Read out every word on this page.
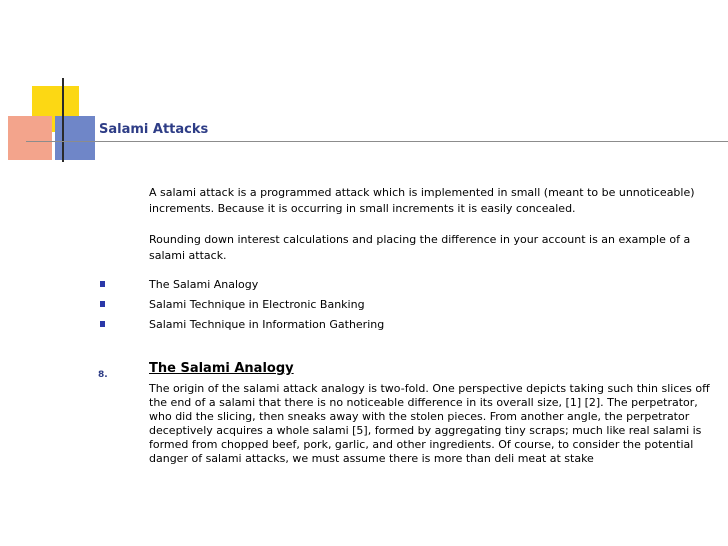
Salami Attacks

A salami attack is a programmed attack which is implemented in small (meant to be unnoticeable) increments. Because it is occurring in small increments it is easily concealed.

Rounding down interest calculations and placing the difference in your account is an example of a salami attack.

The Salami Analogy
Salami Technique in Electronic Banking
Salami Technique in Information Gathering
8.	The Salami Analogy

The origin of the salami attack analogy is two-fold. One perspective depicts taking such thin slices off the end of a salami that there is no noticeable difference in its overall size, [1] [2]. The perpetrator, who did the slicing, then sneaks away with the stolen pieces. From another angle, the perpetrator deceptively acquires a whole salami [5], formed by aggregating tiny scraps; much like real salami is formed from chopped beef, pork, garlic, and other ingredients. Of course, to consider the potential danger of salami attacks, we must assume there is more than deli meat at stake
